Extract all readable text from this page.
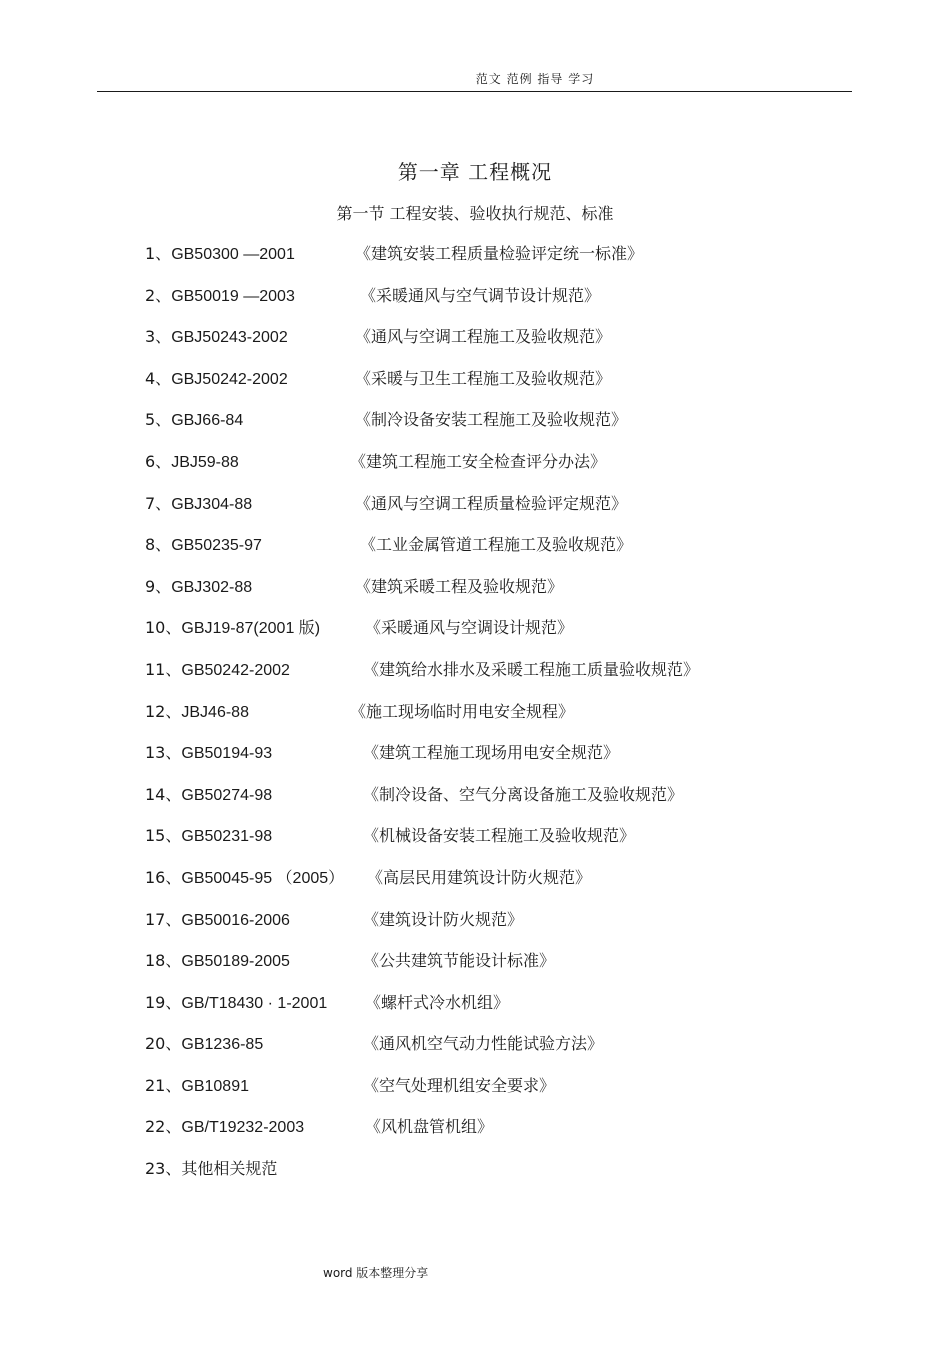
范文 范例 指导 学习
第一章 工程概况
第一节 工程安装、验收执行规范、标准
1、GB50300 —2001	《建筑安装工程质量检验评定统一标准》
2、GB50019 —2003	《采暖通风与空气调节设计规范》
3、GBJ50243-2002	《通风与空调工程施工及验收规范》
4、GBJ50242-2002	《采暖与卫生工程施工及验收规范》
5、GBJ66-84	《制冷设备安装工程施工及验收规范》
6、JBJ59-88	《建筑工程施工安全检查评分办法》
7、GBJ304-88	《通风与空调工程质量检验评定规范》
8、GB50235-97	《工业金属管道工程施工及验收规范》
9、GBJ302-88	《建筑采暖工程及验收规范》
10、GBJ19-87(2001 版)	《采暖通风与空调设计规范》
11、GB50242-2002	《建筑给水排水及采暖工程施工质量验收规范》
12、JBJ46-88	《施工现场临时用电安全规程》
13、GB50194-93	《建筑工程施工现场用电安全规范》
14、GB50274-98	《制冷设备、空气分离设备施工及验收规范》
15、GB50231-98	《机械设备安装工程施工及验收规范》
16、GB50045-95 （2005） 《高层民用建筑设计防火规范》
17、GB50016-2006	《建筑设计防火规范》
18、GB50189-2005	《公共建筑节能设计标准》
19、GB/T18430 · 1-2001 《螺杆式冷水机组》
20、GB1236-85	《通风机空气动力性能试验方法》
21、GB10891	《空气处理机组安全要求》
22、GB/T19232-2003	《风机盘管机组》
23、其他相关规范
word 版本整理分享
